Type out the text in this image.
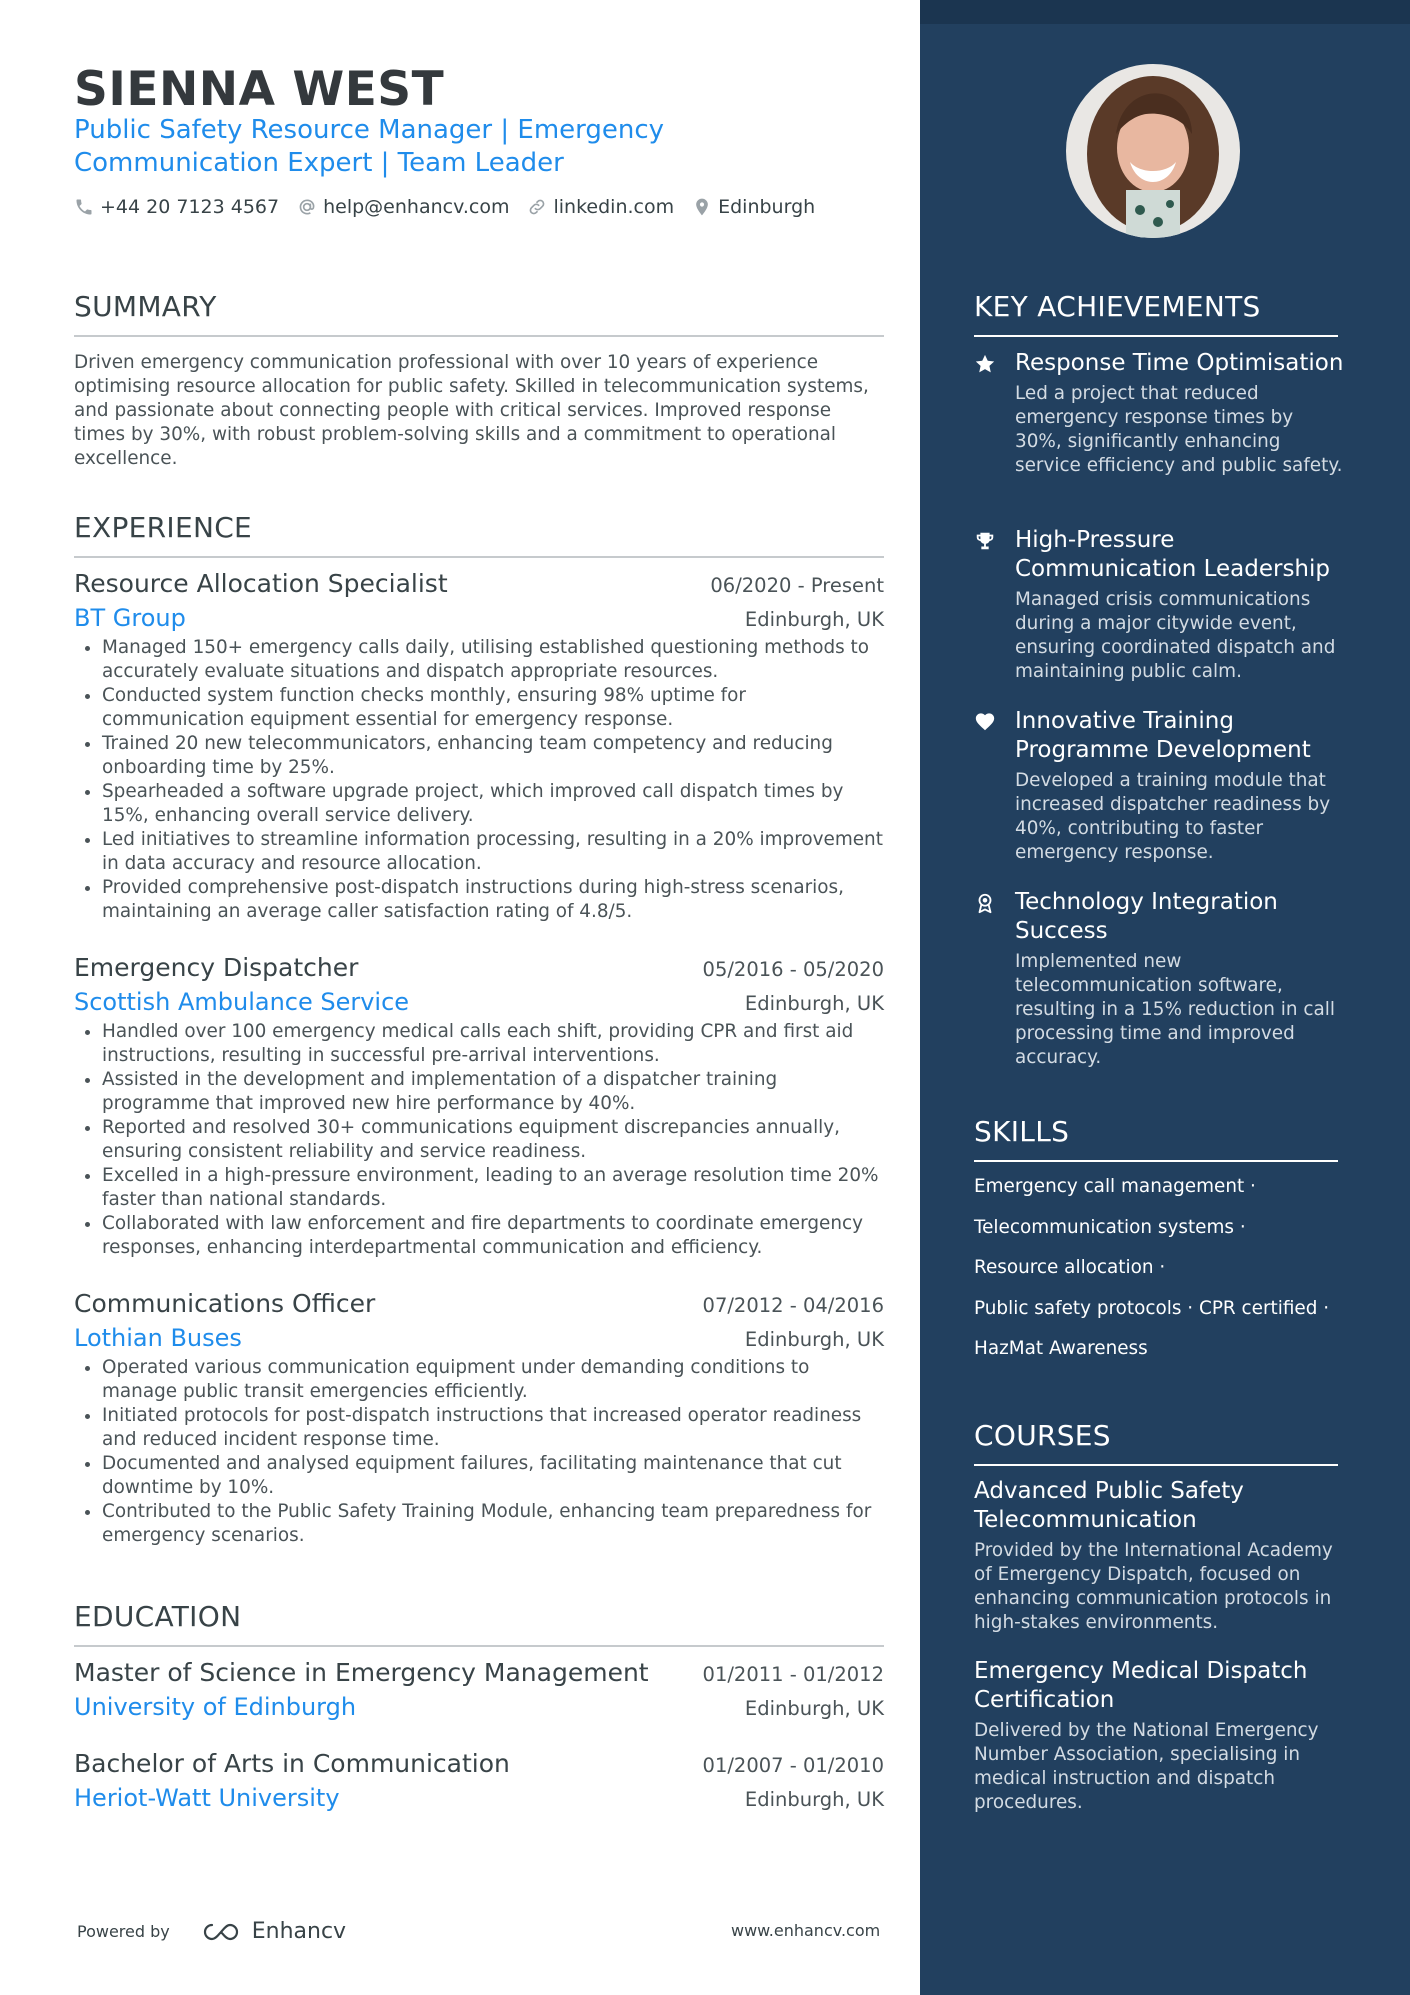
SIENNA WEST
Public Safety Resource Manager | Emergency Communication Expert | Team Leader
+44 20 7123 4567 help@enhancv.com linkedin.com Edinburgh
SUMMARY
Driven emergency communication professional with over 10 years of experience optimising resource allocation for public safety. Skilled in telecommunication systems, and passionate about connecting people with critical services. Improved response times by 30%, with robust problem-solving skills and a commitment to operational excellence.
EXPERIENCE
Resource Allocation Specialist	06/2020 - Present
BT Group	Edinburgh, UK
• Managed 150+ emergency calls daily, utilising established questioning methods to accurately evaluate situations and dispatch appropriate resources.
• Conducted system function checks monthly, ensuring 98% uptime for communication equipment essential for emergency response.
• Trained 20 new telecommunicators, enhancing team competency and reducing onboarding time by 25%.
• Spearheaded a software upgrade project, which improved call dispatch times by 15%, enhancing overall service delivery.
• Led initiatives to streamline information processing, resulting in a 20% improvement in data accuracy and resource allocation.
• Provided comprehensive post-dispatch instructions during high-stress scenarios, maintaining an average caller satisfaction rating of 4.8/5.
Emergency Dispatcher	05/2016 - 05/2020
Scottish Ambulance Service	Edinburgh, UK
• Handled over 100 emergency medical calls each shift, providing CPR and first aid instructions, resulting in successful pre-arrival interventions.
• Assisted in the development and implementation of a dispatcher training programme that improved new hire performance by 40%.
• Reported and resolved 30+ communications equipment discrepancies annually, ensuring consistent reliability and service readiness.
• Excelled in a high-pressure environment, leading to an average resolution time 20% faster than national standards.
• Collaborated with law enforcement and fire departments to coordinate emergency responses, enhancing interdepartmental communication and efficiency.
Communications Officer	07/2012 - 04/2016
Lothian Buses	Edinburgh, UK
• Operated various communication equipment under demanding conditions to manage public transit emergencies efficiently.
• Initiated protocols for post-dispatch instructions that increased operator readiness and reduced incident response time.
• Documented and analysed equipment failures, facilitating maintenance that cut downtime by 10%.
• Contributed to the Public Safety Training Module, enhancing team preparedness for emergency scenarios.
EDUCATION
Master of Science in Emergency Management	01/2011 - 01/2012
University of Edinburgh	Edinburgh, UK
Bachelor of Arts in Communication	01/2007 - 01/2010
Heriot-Watt University	Edinburgh, UK
Powered by	Enhancv	www.enhancv.com
KEY ACHIEVEMENTS
Response Time Optimisation
Led a project that reduced emergency response times by 30%, significantly enhancing service efficiency and public safety.
High-Pressure Communication Leadership
Managed crisis communications during a major citywide event, ensuring coordinated dispatch and maintaining public calm.
Innovative Training Programme Development
Developed a training module that increased dispatcher readiness by 40%, contributing to faster emergency response.
Technology Integration Success
Implemented new telecommunication software, resulting in a 15% reduction in call processing time and improved accuracy.
SKILLS
Emergency call management ·
Telecommunication systems ·
Resource allocation ·
Public safety protocols · CPR certified ·
HazMat Awareness
COURSES
Advanced Public Safety Telecommunication
Provided by the International Academy of Emergency Dispatch, focused on enhancing communication protocols in high-stakes environments.
Emergency Medical Dispatch Certification
Delivered by the National Emergency Number Association, specialising in medical instruction and dispatch procedures.
